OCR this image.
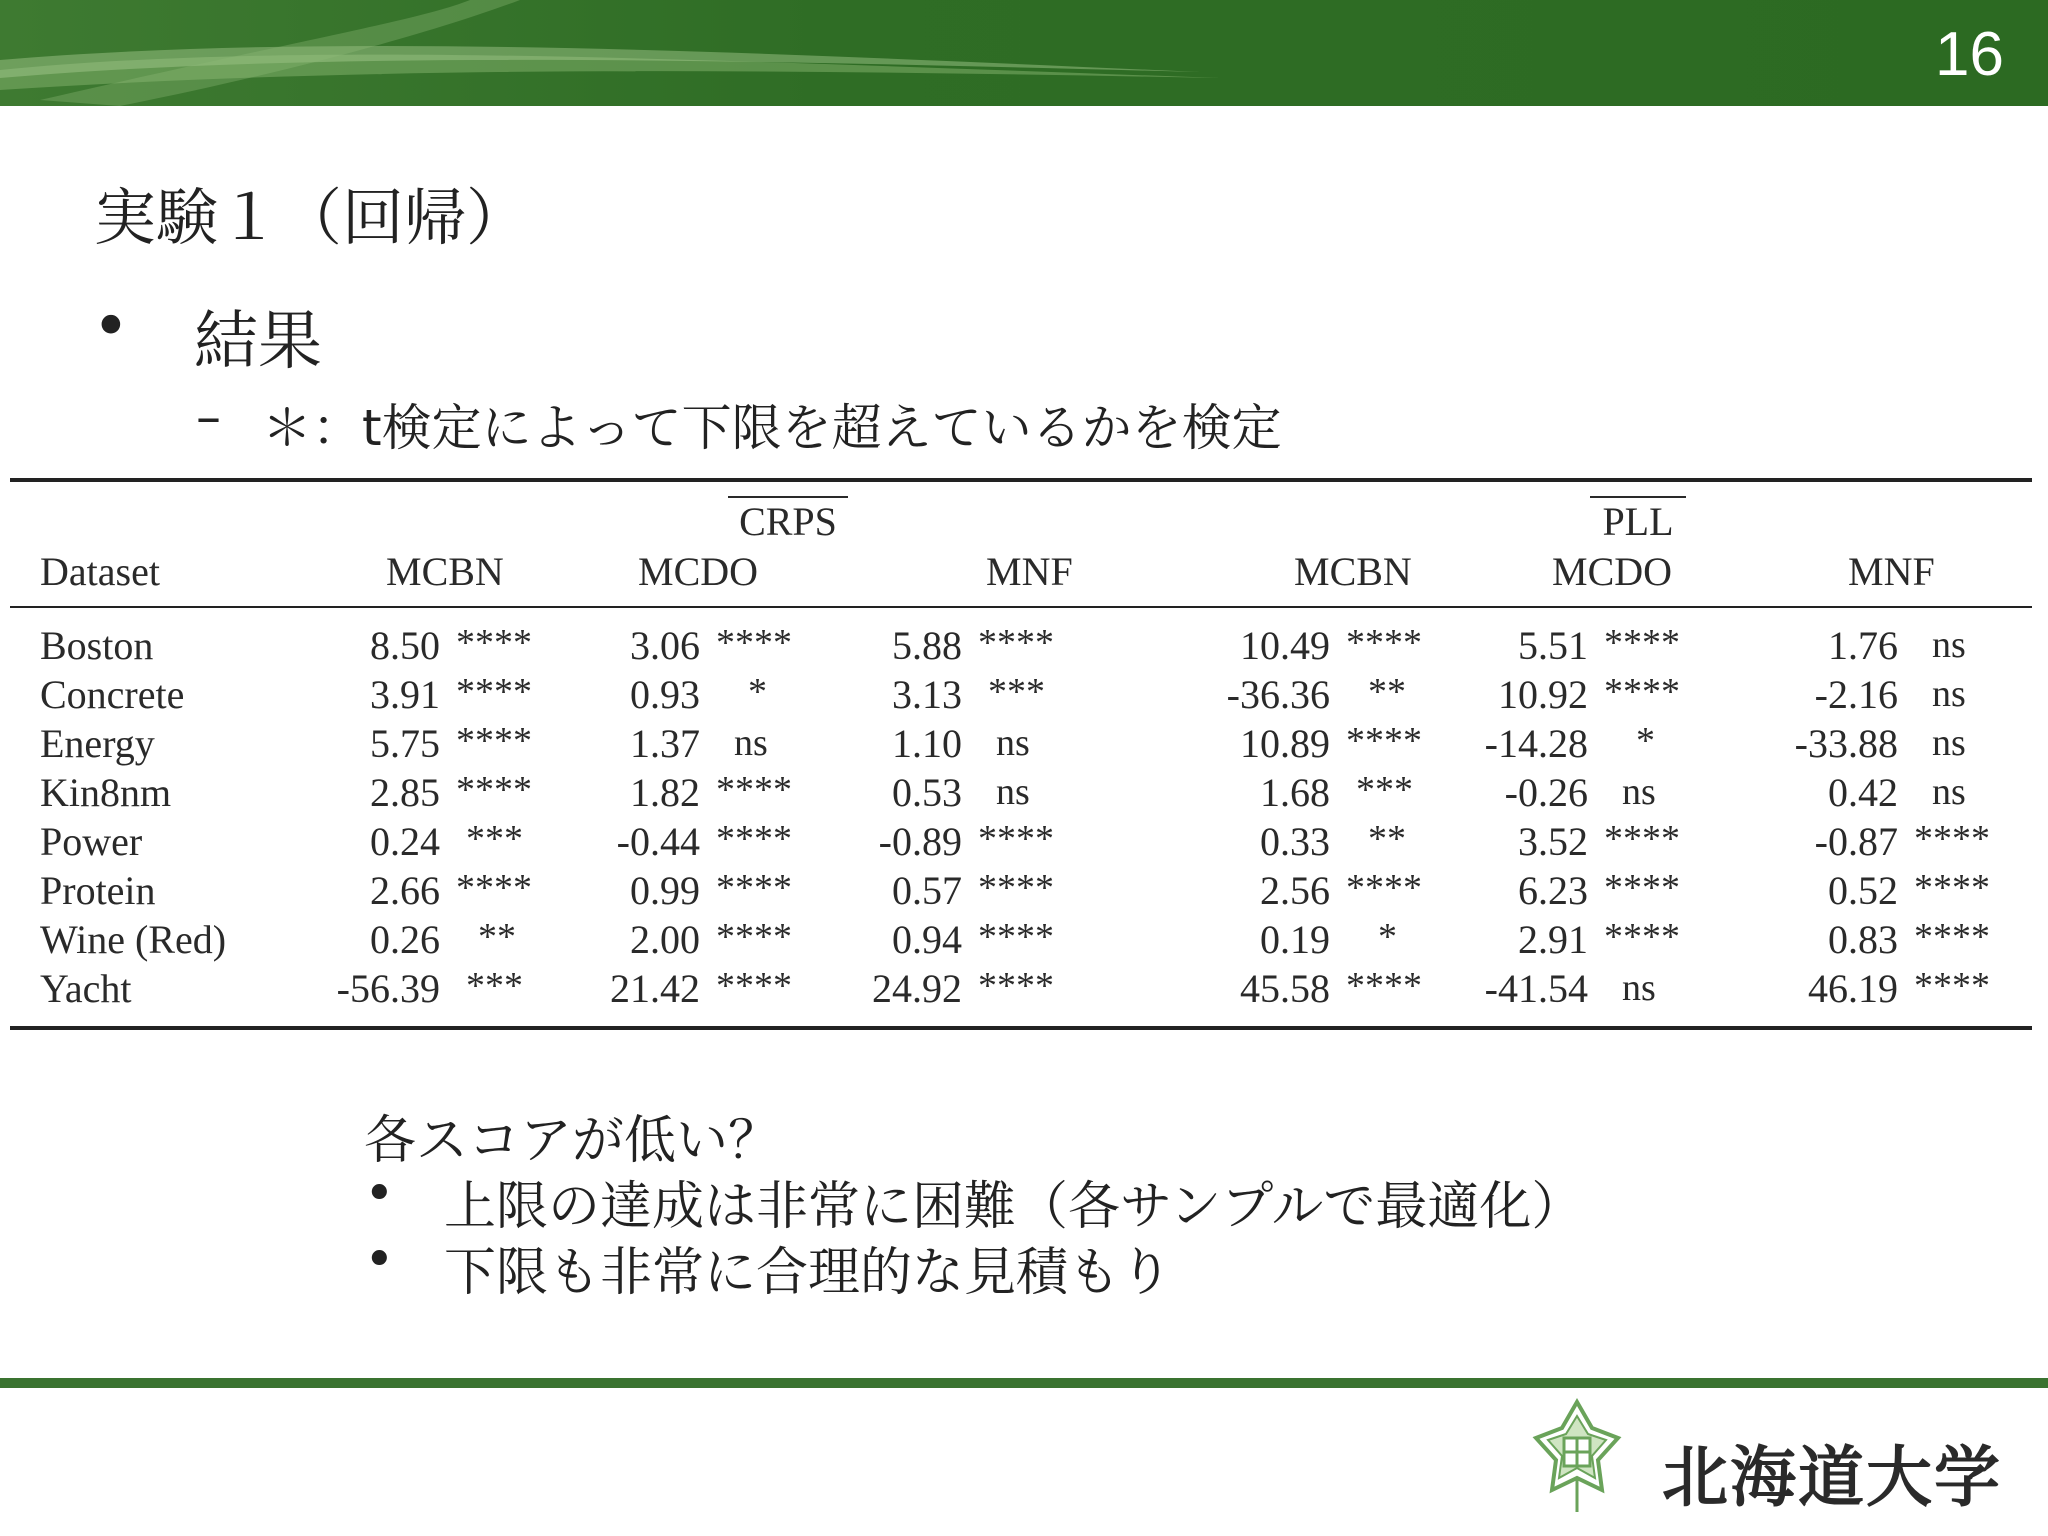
16
実験１（回帰）
• 結果
– ＊：t検定によって下限を超えているかを検定
CRPS	PLL
Dataset	MCBN	MCDO	MNF	MCBN	MCDO	MNF
Boston	8.50 ****	3.06 ****	5.88 ****	10.49 ****	5.51 ****	1.76 ns
Concrete	3.91 ****	0.93 *	3.13 ***	-36.36 **	10.92 ****	-2.16 ns
Energy	5.75 ****	1.37 ns	1.10 ns	10.89 ****	-14.28 *	-33.88 ns
Kin8nm	2.85 ****	1.82 ****	0.53 ns	1.68 ***	-0.26 ns	0.42 ns
Power	0.24 ***	-0.44 ****	-0.89 ****	0.33 **	3.52 ****	-0.87 ****
Protein	2.66 ****	0.99 ****	0.57 ****	2.56 ****	6.23 ****	0.52 ****
Wine (Red)	0.26 **	2.00 ****	0.94 ****	0.19 *	2.91 ****	0.83 ****
Yacht	-56.39 ***	21.42 ****	24.92 ****	45.58 ****	-41.54 ns	46.19 ****
各スコアが低い？
• 上限の達成は非常に困難（各サンプルで最適化）
• 下限も非常に合理的な見積もり
北海道大学
